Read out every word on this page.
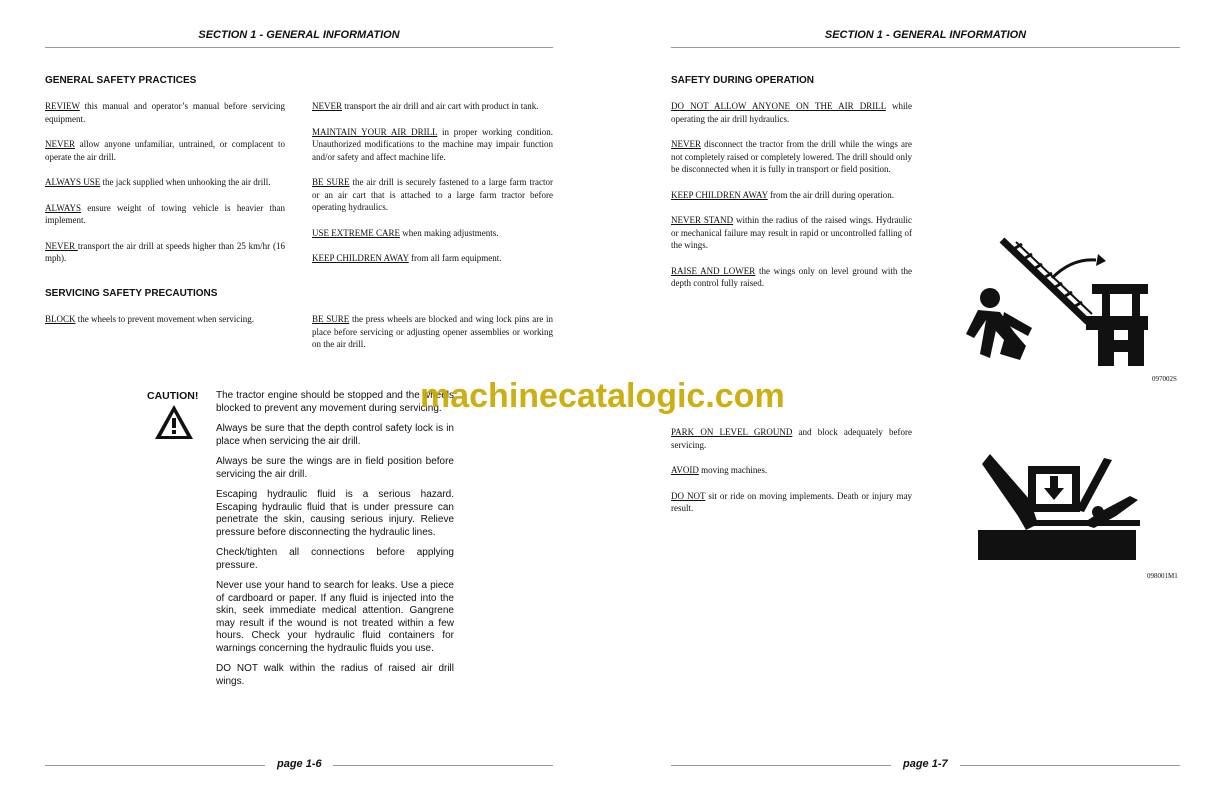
SECTION 1 - GENERAL INFORMATION
GENERAL SAFETY PRACTICES

REVIEW this manual and operator’s manual before servicing equipment.

NEVER allow anyone unfamiliar, untrained, or complacent to operate the air drill.

ALWAYS USE the jack supplied when unhooking the air drill.

ALWAYS ensure weight of towing vehicle is heavier than implement.

NEVER transport the air drill at speeds higher than 25 km/hr (16 mph).

NEVER transport the air drill and air cart with product in tank.

MAINTAIN YOUR AIR DRILL in proper working condition. Unauthorized modifications to the machine may impair function and/or safety and affect machine life.

BE SURE the air drill is securely fastened to a large farm tractor or an air cart that is attached to a large farm tractor before operating hydraulics.

USE EXTREME CARE when making adjustments.

KEEP CHILDREN AWAY from all farm equipment.

SERVICING SAFETY PRECAUTIONS

BLOCK the wheels to prevent movement when servicing.	BE SURE the press wheels are blocked and wing lock pins are in place before servicing or adjusting opener assemblies or working on the air drill.

CAUTION! The tractor engine should be stopped and the wheels blocked to prevent any movement during servicing.

Always be sure that the depth control safety lock is in place when servicing the air drill.

Always be sure the wings are in field position before servicing the air drill.

Escaping hydraulic fluid is a serious hazard. Escaping hydraulic fluid that is under pressure can penetrate the skin, causing serious injury. Relieve pressure before disconnecting the hydraulic lines.

Check/tighten all connections before applying pressure.

Never use your hand to search for leaks. Use a piece of cardboard or paper. If any fluid is injected into the skin, seek immediate medical attention. Gangrene may result if the wound is not treated within a few hours. Check your hydraulic fluid containers for warnings concerning the hydraulic fluids you use.

DO NOT walk within the radius of raised air drill wings.

page 1-6
SECTION 1 - GENERAL INFORMATION
SAFETY DURING OPERATION

DO NOT ALLOW ANYONE ON THE AIR DRILL while operating the air drill hydraulics.

NEVER disconnect the tractor from the drill while the wings are not completely raised or completely lowered. The drill should only be disconnected when it is fully in transport or field position.

KEEP CHILDREN AWAY from the air drill during operation.

NEVER STAND within the radius of the raised wings. Hydraulic or mechanical failure may result in rapid or uncontrolled falling of the wings.

RAISE AND LOWER the wings only on level ground with the depth control fully raised.

PARK ON LEVEL GROUND and block adequately before servicing.

AVOID moving machines.

DO NOT sit or ride on moving implements. Death or injury may result.

097002S
098001M1
page 1-7
machinecatalogic.com
